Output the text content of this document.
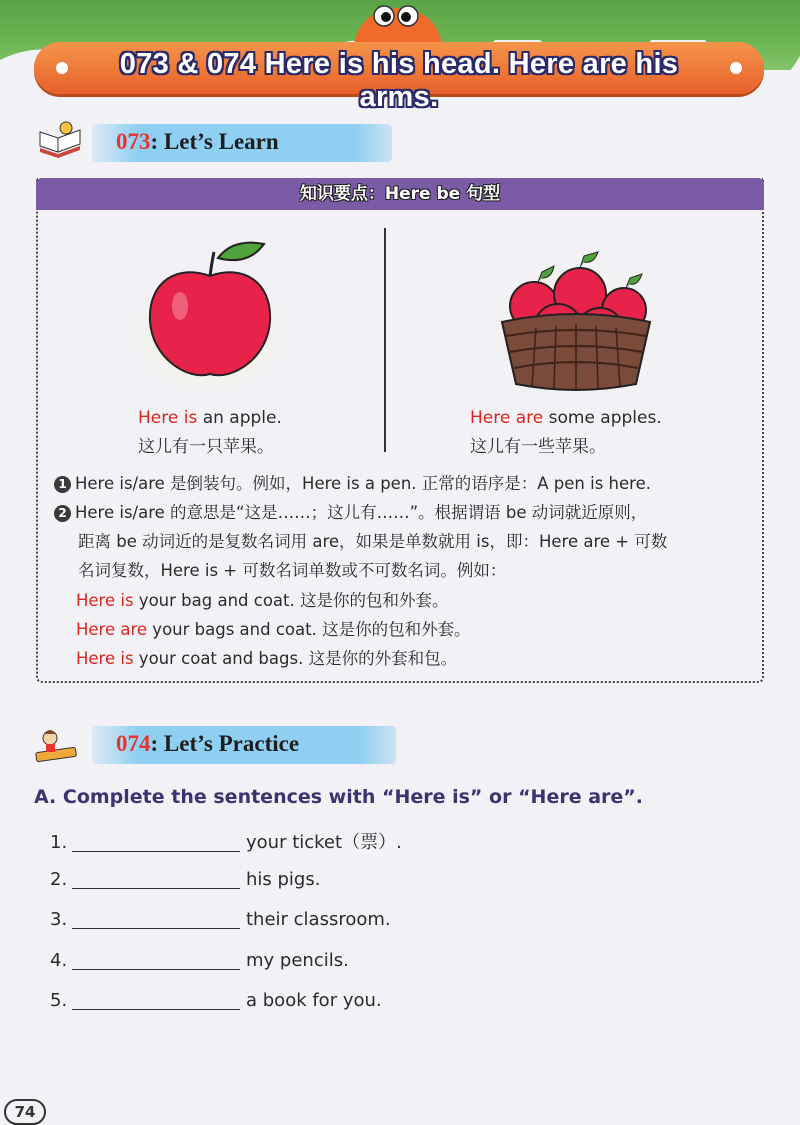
073 & 074 Here is his head. Here are his arms.
073: Let’s Learn
知识要点：Here be 句型
Here is an apple.
这儿有一只苹果。
Here are some apples.
这儿有一些苹果。
1 Here is/are 是倒装句。例如，Here is a pen. 正常的语序是：A pen is here.
2 Here is/are 的意思是“这是……；这儿有……”。根据谓语 be 动词就近原则，
距离 be 动词近的是复数名词用 are，如果是单数就用 is，即：Here are + 可数
名词复数，Here is + 可数名词单数或不可数名词。例如：
Here is your bag and coat. 这是你的包和外套。
Here are your bags and coat. 这是你的包和外套。
Here is your coat and bags. 这是你的外套和包。
074: Let’s Practice
A. Complete the sentences with “Here is” or “Here are”.
1.	your ticket（票）.
2.	his pigs.
3.	their classroom.
4.	my pencils.
5.	a book for you.
74
